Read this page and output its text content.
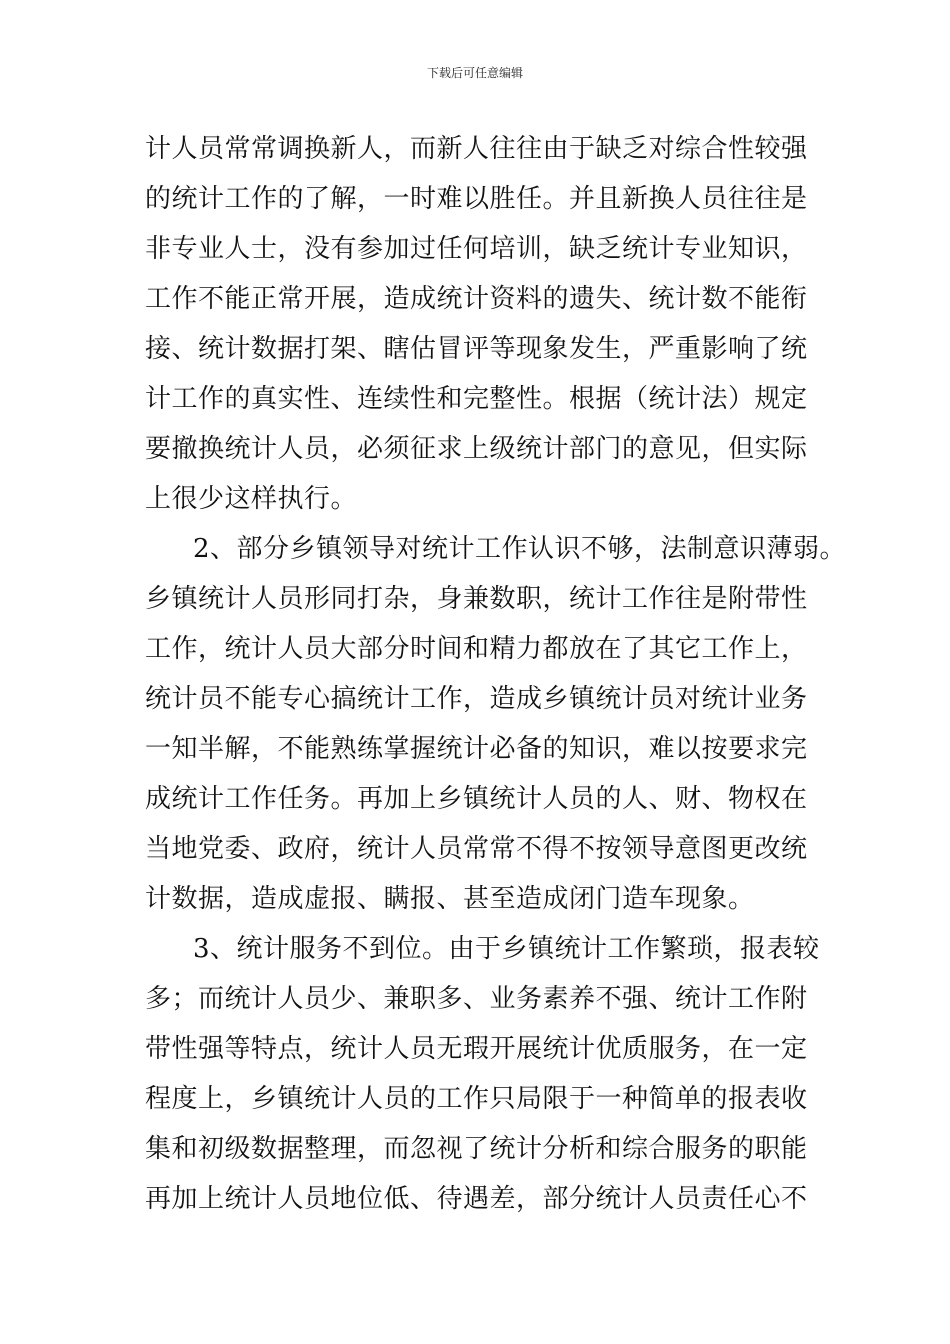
下载后可任意编辑
计人员常常调换新人，而新人往往由于缺乏对综合性较强
的统计工作的了解，一时难以胜任。并且新换人员往往是
非专业人士，没有参加过任何培训，缺乏统计专业知识，
工作不能正常开展，造成统计资料的遗失、统计数不能衔
接、统计数据打架、瞎估冒评等现象发生，严重影响了统
计工作的真实性、连续性和完整性。根据（统计法）规定
要撤换统计人员，必须征求上级统计部门的意见，但实际
上很少这样执行。
2、部分乡镇领导对统计工作认识不够，法制意识薄弱。
乡镇统计人员形同打杂，身兼数职，统计工作往是附带性
工作，统计人员大部分时间和精力都放在了其它工作上，
统计员不能专心搞统计工作，造成乡镇统计员对统计业务
一知半解，不能熟练掌握统计必备的知识，难以按要求完
成统计工作任务。再加上乡镇统计人员的人、财、物权在
当地党委、政府，统计人员常常不得不按领导意图更改统
计数据，造成虚报、瞒报、甚至造成闭门造车现象。
3、统计服务不到位。由于乡镇统计工作繁琐，报表较
多；而统计人员少、兼职多、业务素养不强、统计工作附
带性强等特点，统计人员无瑕开展统计优质服务，在一定
程度上，乡镇统计人员的工作只局限于一种简单的报表收
集和初级数据整理，而忽视了统计分析和综合服务的职能
再加上统计人员地位低、待遇差，部分统计人员责任心不
